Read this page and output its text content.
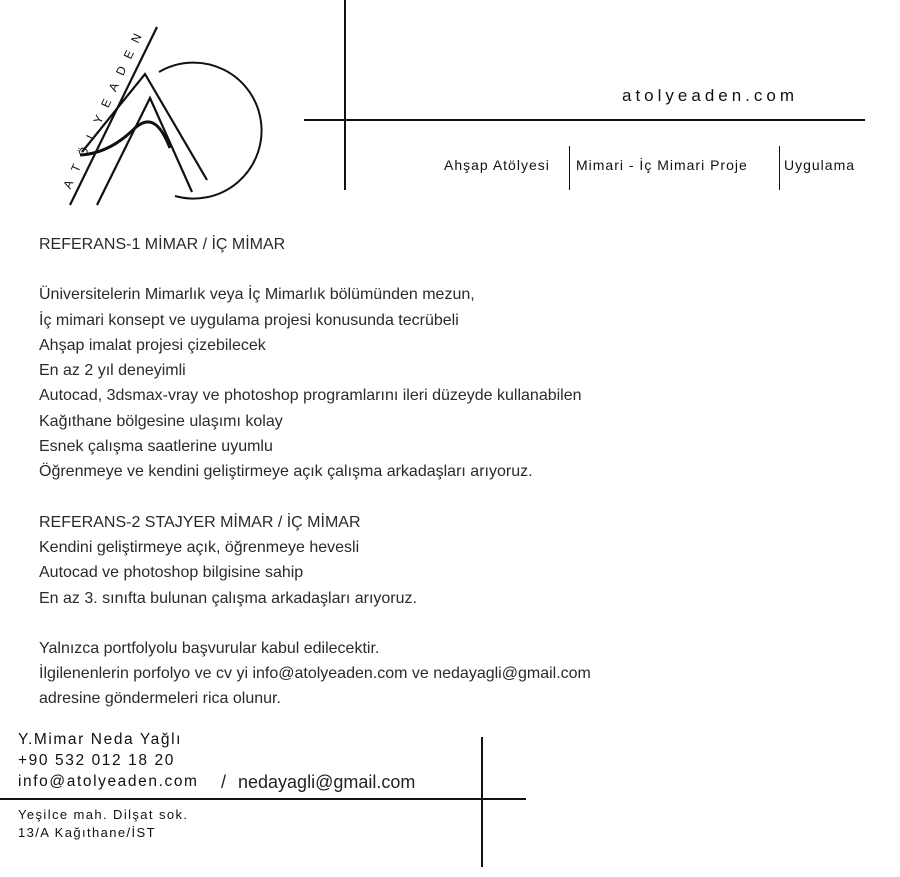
A
T
Ö
L
Y
E
A
D
E
N
atolyeaden.com
Ahşap Atölyesi Mimari - İç Mimari Proje	Uygulama

REFERANS-1 MİMAR / İÇ MİMAR

Üniversitelerin Mimarlık veya İç Mimarlık bölümünden mezun,

İç mimari konsept ve uygulama projesi konusunda tecrübeli

Ahşap imalat projesi çizebilecek

En az 2 yıl deneyimli

Autocad, 3dsmax-vray ve photoshop programlarını ileri düzeyde kullanabilen

Kağıthane bölgesine ulaşımı kolay

Esnek çalışma saatlerine uyumlu

Öğrenmeye ve kendini geliştirmeye açık çalışma arkadaşları arıyoruz.

REFERANS-2 STAJYER MİMAR / İÇ MİMAR

Kendini geliştirmeye açık, öğrenmeye hevesli

Autocad ve photoshop bilgisine sahip

En az 3. sınıfta bulunan çalışma arkadaşları arıyoruz.

Yalnızca portfolyolu başvurular kabul edilecektir.

İlgilenenlerin porfolyo ve cv yi info@atolyeaden.com ve nedayagli@gmail.com

adresine göndermeleri rica olunur.

Y.Mimar Neda Yağlı
+90 532 012 18 20
info@atolyeaden.com / nedayagli@gmail.com
Yeşilce mah. Dilşat sok.
13/A Kağıthane/İST
